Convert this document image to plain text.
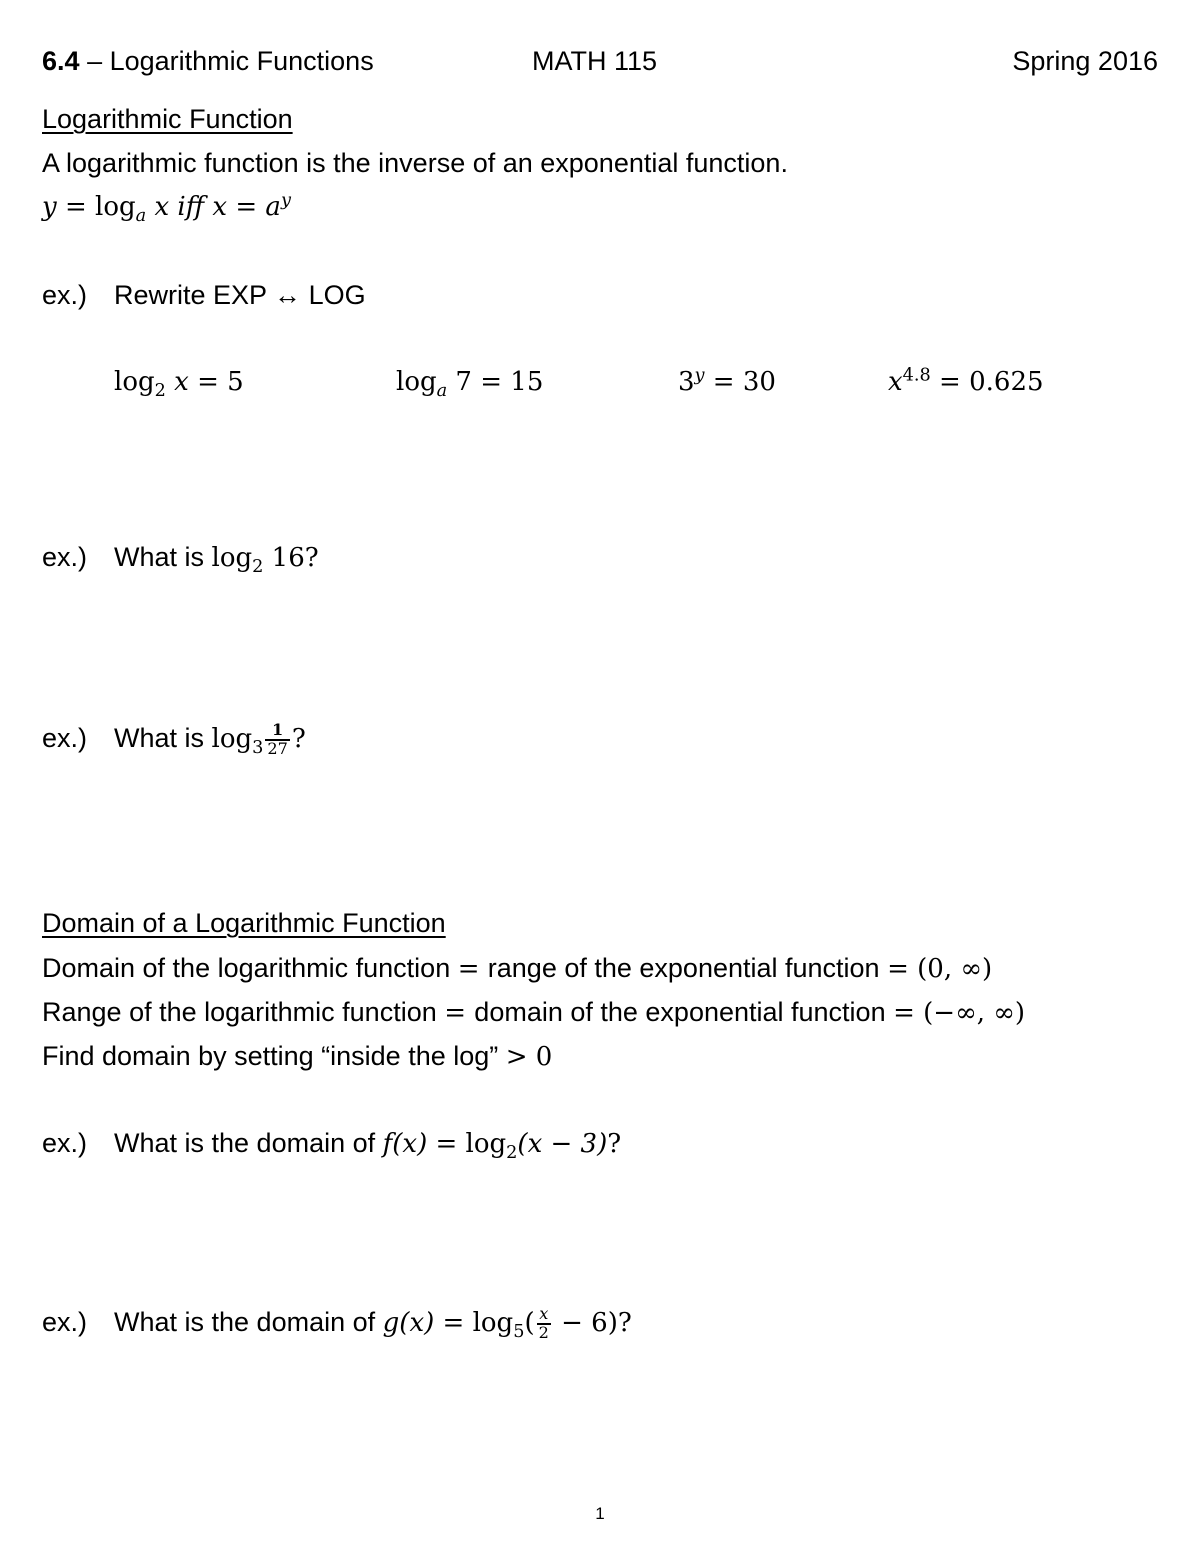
6.4 – Logarithmic Functions	MATH 115	Spring 2016
Logarithmic Function
A logarithmic function is the inverse of an exponential function.
$y = \log_a x$ iff $x = a^y$
ex.) Rewrite EXP ↔ LOG
$\log_2 x = 5$	$\log_a 7 = 15$	$3^y = 30$	$x^{4.8} = 0.625$
ex.) What is $\log_2 16$?
ex.) What is $\log_3 \frac{1}{27}$ ?
Domain of a Logarithmic Function
Domain of the logarithmic function = range of the exponential function = (0, ∞)
Range of the logarithmic function = domain of the exponential function = (−∞, ∞)
Find domain by setting “inside the log” > 0
ex.) What is the domain of $f(x) = \log_2(x - 3)$?
ex.) What is the domain of $g(x) = \log_5( \frac{x}{2} - 6)$?
1
